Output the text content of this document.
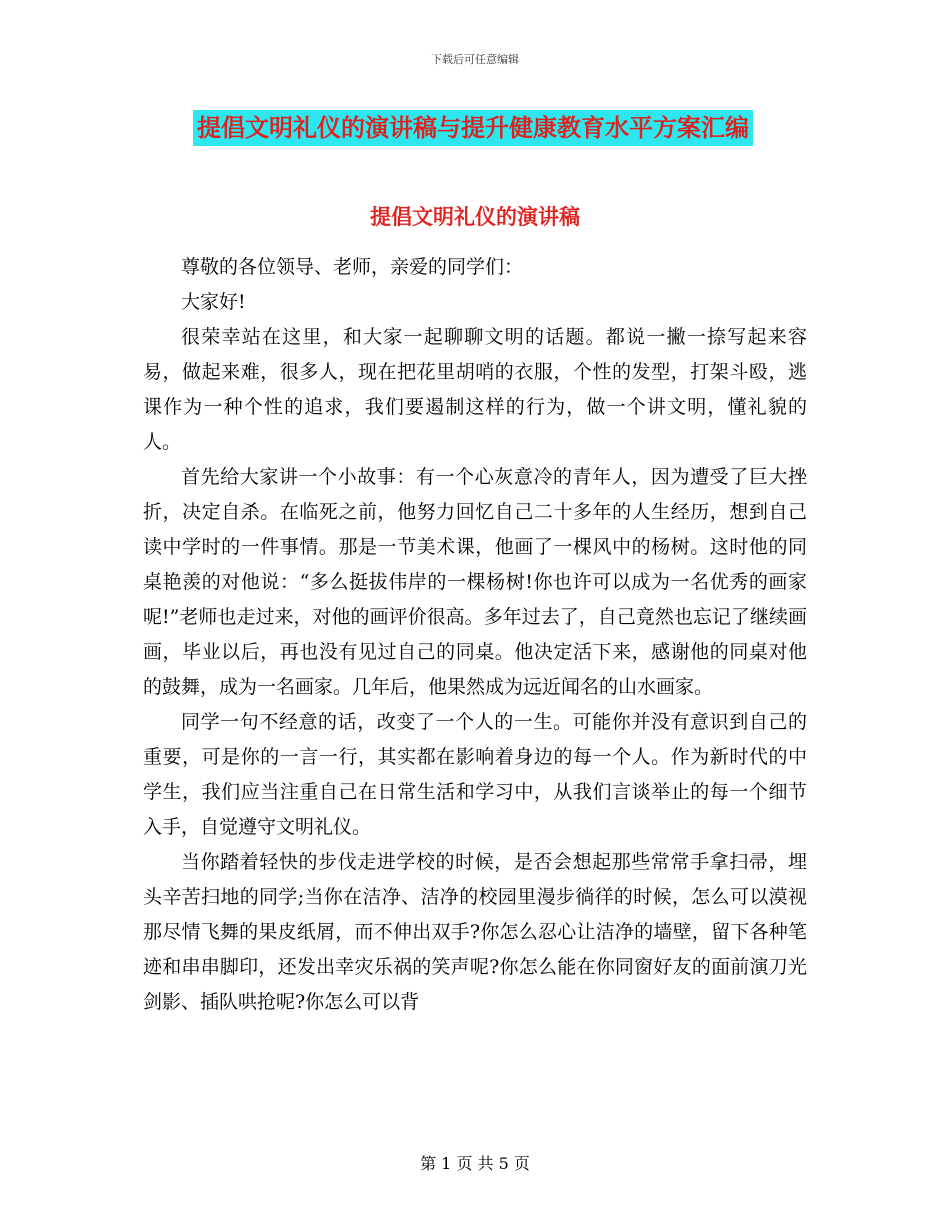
下载后可任意编辑
提倡文明礼仪的演讲稿与提升健康教育水平方案汇编
提倡文明礼仪的演讲稿

尊敬的各位领导、老师，亲爱的同学们：

大家好!

很荣幸站在这里，和大家一起聊聊文明的话题。都说一撇一捺写起来容易，做起来难，很多人，现在把花里胡哨的衣服，个性的发型，打架斗殴，逃课作为一种个性的追求，我们要遏制这样的行为，做一个讲文明，懂礼貌的人。

首先给大家讲一个小故事：有一个心灰意冷的青年人，因为遭受了巨大挫折，决定自杀。在临死之前，他努力回忆自己二十多年的人生经历，想到自己读中学时的一件事情。那是一节美术课，他画了一棵风中的杨树。这时他的同桌艳羡的对他说：“多么挺拔伟岸的一棵杨树!你也许可以成为一名优秀的画家呢!”老师也走过来，对他的画评价很高。多年过去了，自己竟然也忘记了继续画画，毕业以后，再也没有见过自己的同桌。他决定活下来，感谢他的同桌对他的鼓舞，成为一名画家。几年后，他果然成为远近闻名的山水画家。

同学一句不经意的话，改变了一个人的一生。可能你并没有意识到自己的重要，可是你的一言一行，其实都在影响着身边的每一个人。作为新时代的中学生，我们应当注重自己在日常生活和学习中，从我们言谈举止的每一个细节入手，自觉遵守文明礼仪。

当你踏着轻快的步伐走进学校的时候，是否会想起那些常常手拿扫帚，埋头辛苦扫地的同学;当你在洁净、洁净的校园里漫步徜徉的时候，怎么可以漠视那尽情飞舞的果皮纸屑，而不伸出双手?你怎么忍心让洁净的墙壁，留下各种笔迹和串串脚印，还发出幸灾乐祸的笑声呢?你怎么能在你同窗好友的面前演刀光剑影、插队哄抢呢?你怎么可以背

第 1 页 共 5 页
